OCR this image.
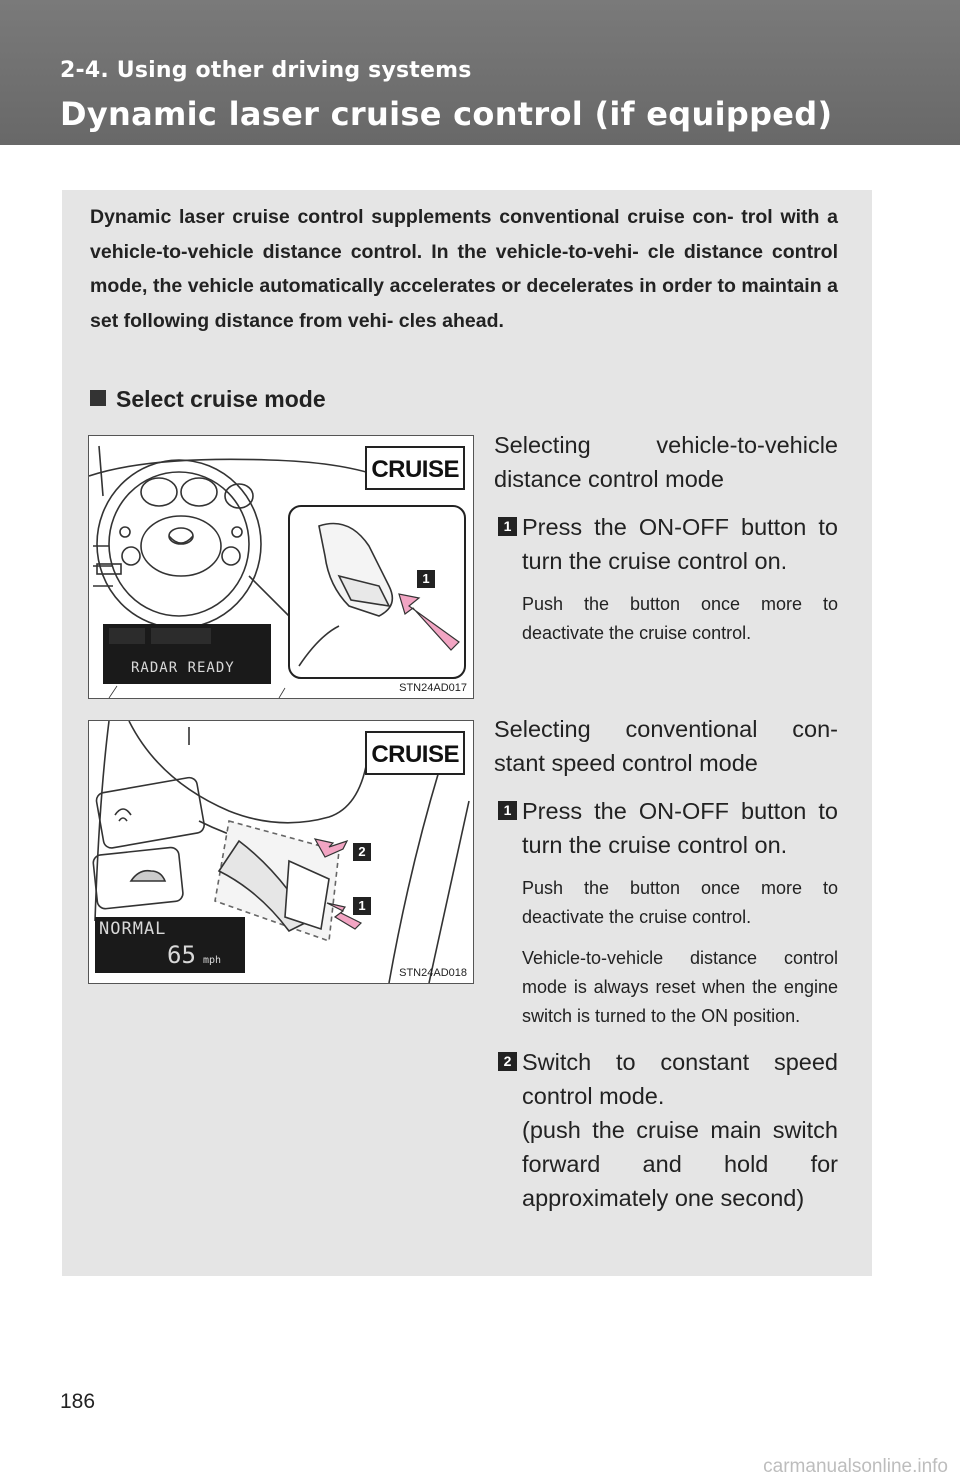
2-4. Using other driving systems
Dynamic laser cruise control (if equipped)
Dynamic laser cruise control supplements conventional cruise con- trol with a vehicle-to-vehicle distance control. In the vehicle-to-vehi- cle distance control mode, the vehicle automatically accelerates or decelerates in order to maintain a set following distance from vehi- cles ahead.
Select cruise mode
CRUISE
RADAR READY
1
STN24AD017
CRUISE
NORMAL
65 mph
2
1
STN24AD018
Selecting vehicle-to-vehicle distance control mode
1 Press the ON-OFF button to turn the cruise control on.
Push the button once more to deactivate the cruise control.
Selecting conventional con- stant speed control mode
1 Press the ON-OFF button to turn the cruise control on.
Push the button once more to deactivate the cruise control.
Vehicle-to-vehicle distance control mode is always reset when the engine switch is turned to the ON position.
2 Switch to constant speed control mode.
(push the cruise main switch forward and hold for approximately one second)
186
carmanualsonline.info
